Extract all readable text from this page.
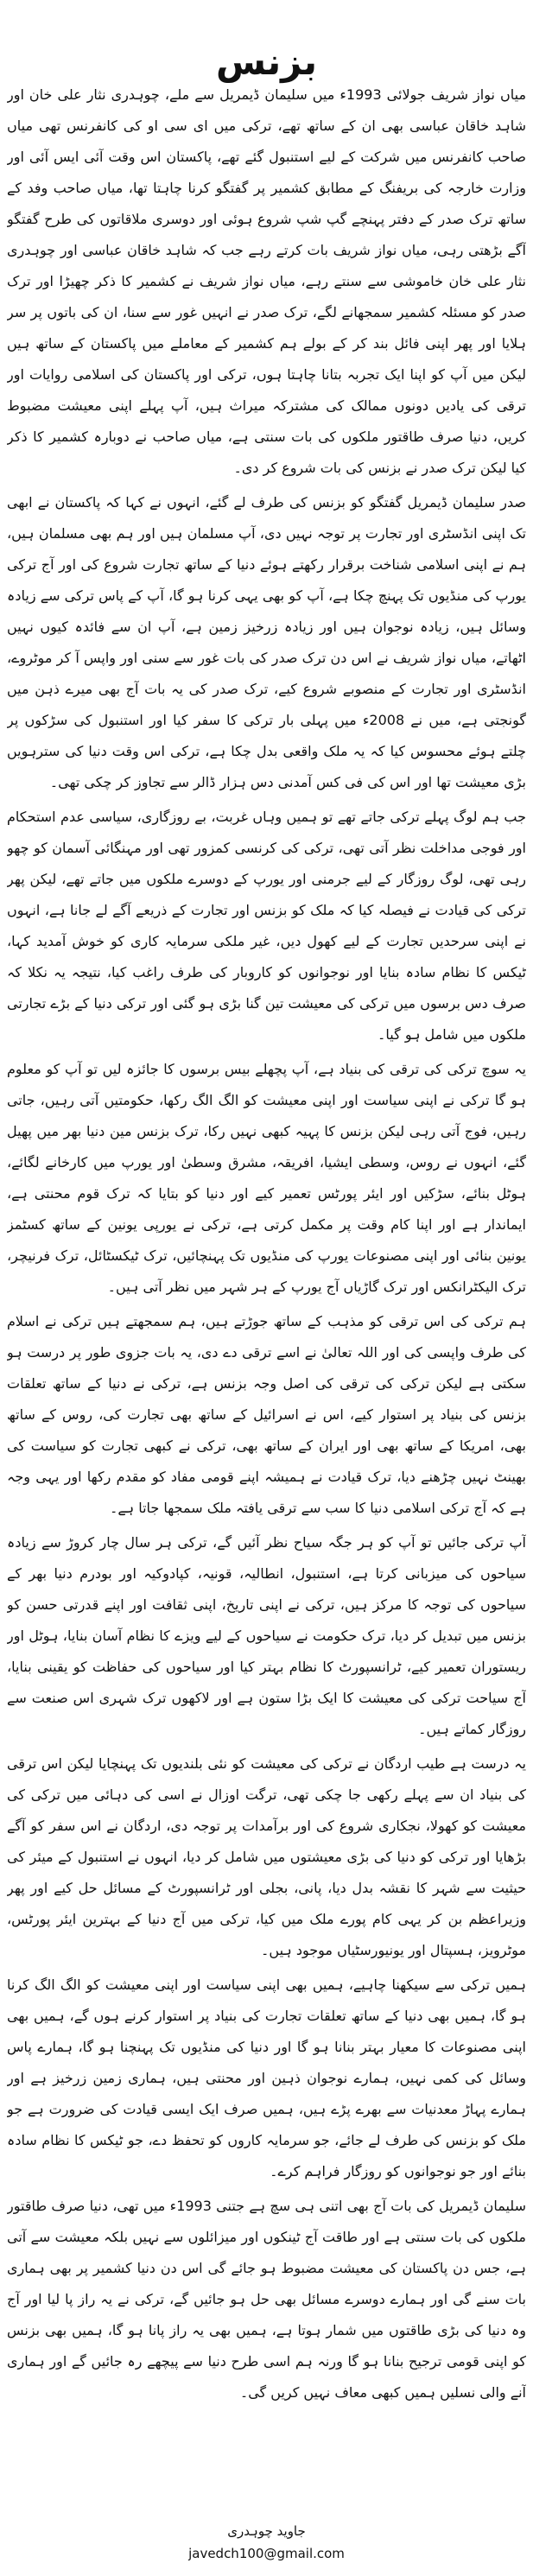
بزنس

میاں نواز شریف جولائی 1993ء میں سلیمان ڈیمریل سے ملے، چوہدری نثار علی خان اور شاہد خاقان عباسی بھی ان کے ساتھ تھے، ترکی میں ای سی او کی کانفرنس تھی میاں صاحب کانفرنس میں شرکت کے لیے استنبول گئے تھے، پاکستان اس وقت آئی ایس آئی اور وزارت خارجہ کی بریفنگ کے مطابق کشمیر پر گفتگو کرنا چاہتا تھا، میاں صاحب وفد کے ساتھ ترک صدر کے دفتر پہنچے گپ شپ شروع ہوئی اور دوسری ملاقاتوں کی طرح گفتگو آگے بڑھتی رہی، میاں نواز شریف بات کرتے رہے جب کہ شاہد خاقان عباسی اور چوہدری نثار علی خان خاموشی سے سنتے رہے، میاں نواز شریف نے کشمیر کا ذکر چھیڑا اور ترک صدر کو مسئلہ کشمیر سمجھانے لگے، ترک صدر نے انہیں غور سے سنا، ان کی باتوں پر سر ہلایا اور پھر اپنی فائل بند کر کے بولے ہم کشمیر کے معاملے میں پاکستان کے ساتھ ہیں لیکن میں آپ کو اپنا ایک تجربہ بتانا چاہتا ہوں، ترکی اور پاکستان کی اسلامی روایات اور ترقی کی یادیں دونوں ممالک کی مشترکہ میراث ہیں، آپ پہلے اپنی معیشت مضبوط کریں، دنیا صرف طاقتور ملکوں کی بات سنتی ہے، میاں صاحب نے دوبارہ کشمیر کا ذکر کیا لیکن ترک صدر نے بزنس کی بات شروع کر دی۔

صدر سلیمان ڈیمریل گفتگو کو بزنس کی طرف لے گئے، انہوں نے کہا کہ پاکستان نے ابھی تک اپنی انڈسٹری اور تجارت پر توجہ نہیں دی، آپ مسلمان ہیں اور ہم بھی مسلمان ہیں، ہم نے اپنی اسلامی شناخت برقرار رکھتے ہوئے دنیا کے ساتھ تجارت شروع کی اور آج ترکی یورپ کی منڈیوں تک پہنچ چکا ہے، آپ کو بھی یہی کرنا ہو گا، آپ کے پاس ترکی سے زیادہ وسائل ہیں، زیادہ نوجوان ہیں اور زیادہ زرخیز زمین ہے، آپ ان سے فائدہ کیوں نہیں اٹھاتے، میاں نواز شریف نے اس دن ترک صدر کی بات غور سے سنی اور واپس آ کر موٹروے، انڈسٹری اور تجارت کے منصوبے شروع کیے، ترک صدر کی یہ بات آج بھی میرے ذہن میں گونجتی ہے، میں نے 2008ء میں پہلی بار ترکی کا سفر کیا اور استنبول کی سڑکوں پر چلتے ہوئے محسوس کیا کہ یہ ملک واقعی بدل چکا ہے، ترکی اس وقت دنیا کی سترہویں بڑی معیشت تھا اور اس کی فی کس آمدنی دس ہزار ڈالر سے تجاوز کر چکی تھی۔

جب ہم لوگ پہلے ترکی جاتے تھے تو ہمیں وہاں غربت، بے روزگاری، سیاسی عدم استحکام اور فوجی مداخلت نظر آتی تھی، ترکی کی کرنسی کمزور تھی اور مہنگائی آسمان کو چھو رہی تھی، لوگ روزگار کے لیے جرمنی اور یورپ کے دوسرے ملکوں میں جاتے تھے، لیکن پھر ترکی کی قیادت نے فیصلہ کیا کہ ملک کو بزنس اور تجارت کے ذریعے آگے لے جانا ہے، انہوں نے اپنی سرحدیں تجارت کے لیے کھول دیں، غیر ملکی سرمایہ کاری کو خوش آمدید کہا، ٹیکس کا نظام سادہ بنایا اور نوجوانوں کو کاروبار کی طرف راغب کیا، نتیجہ یہ نکلا کہ صرف دس برسوں میں ترکی کی معیشت تین گنا بڑی ہو گئی اور ترکی دنیا کے بڑے تجارتی ملکوں میں شامل ہو گیا۔

یہ سوچ ترکی کی ترقی کی بنیاد ہے، آپ پچھلے بیس برسوں کا جائزہ لیں تو آپ کو معلوم ہو گا ترکی نے اپنی سیاست اور اپنی معیشت کو الگ الگ رکھا، حکومتیں آتی رہیں، جاتی رہیں، فوج آتی رہی لیکن بزنس کا پہیہ کبھی نہیں رکا، ترک بزنس مین دنیا بھر میں پھیل گئے، انہوں نے روس، وسطی ایشیا، افریقہ، مشرق وسطیٰ اور یورپ میں کارخانے لگائے، ہوٹل بنائے، سڑکیں اور ایئر پورٹس تعمیر کیے اور دنیا کو بتایا کہ ترک قوم محنتی ہے، ایماندار ہے اور اپنا کام وقت پر مکمل کرتی ہے، ترکی نے یورپی یونین کے ساتھ کسٹمز یونین بنائی اور اپنی مصنوعات یورپ کی منڈیوں تک پہنچائیں، ترک ٹیکسٹائل، ترک فرنیچر، ترک الیکٹرانکس اور ترک گاڑیاں آج یورپ کے ہر شہر میں نظر آتی ہیں۔

ہم ترکی کی اس ترقی کو مذہب کے ساتھ جوڑتے ہیں، ہم سمجھتے ہیں ترکی نے اسلام کی طرف واپسی کی اور اللہ تعالیٰ نے اسے ترقی دے دی، یہ بات جزوی طور پر درست ہو سکتی ہے لیکن ترکی کی ترقی کی اصل وجہ بزنس ہے، ترکی نے دنیا کے ساتھ تعلقات بزنس کی بنیاد پر استوار کیے، اس نے اسرائیل کے ساتھ بھی تجارت کی، روس کے ساتھ بھی، امریکا کے ساتھ بھی اور ایران کے ساتھ بھی، ترکی نے کبھی تجارت کو سیاست کی بھینٹ نہیں چڑھنے دیا، ترک قیادت نے ہمیشہ اپنے قومی مفاد کو مقدم رکھا اور یہی وجہ ہے کہ آج ترکی اسلامی دنیا کا سب سے ترقی یافتہ ملک سمجھا جاتا ہے۔

آپ ترکی جائیں تو آپ کو ہر جگہ سیاح نظر آئیں گے، ترکی ہر سال چار کروڑ سے زیادہ سیاحوں کی میزبانی کرتا ہے، استنبول، انطالیہ، قونیہ، کپادوکیہ اور بودرم دنیا بھر کے سیاحوں کی توجہ کا مرکز ہیں، ترکی نے اپنی تاریخ، اپنی ثقافت اور اپنے قدرتی حسن کو بزنس میں تبدیل کر دیا، ترک حکومت نے سیاحوں کے لیے ویزے کا نظام آسان بنایا، ہوٹل اور ریستوران تعمیر کیے، ٹرانسپورٹ کا نظام بہتر کیا اور سیاحوں کی حفاظت کو یقینی بنایا، آج سیاحت ترکی کی معیشت کا ایک بڑا ستون ہے اور لاکھوں ترک شہری اس صنعت سے روزگار کماتے ہیں۔

یہ درست ہے طیب اردگان نے ترکی کی معیشت کو نئی بلندیوں تک پہنچایا لیکن اس ترقی کی بنیاد ان سے پہلے رکھی جا چکی تھی، ترگت اوزال نے اسی کی دہائی میں ترکی کی معیشت کو کھولا، نجکاری شروع کی اور برآمدات پر توجہ دی، اردگان نے اس سفر کو آگے بڑھایا اور ترکی کو دنیا کی بڑی معیشتوں میں شامل کر دیا، انہوں نے استنبول کے میئر کی حیثیت سے شہر کا نقشہ بدل دیا، پانی، بجلی اور ٹرانسپورٹ کے مسائل حل کیے اور پھر وزیراعظم بن کر یہی کام پورے ملک میں کیا، ترکی میں آج دنیا کے بہترین ایئر پورٹس، موٹرویز، ہسپتال اور یونیورسٹیاں موجود ہیں۔

ہمیں ترکی سے سیکھنا چاہیے، ہمیں بھی اپنی سیاست اور اپنی معیشت کو الگ الگ کرنا ہو گا، ہمیں بھی دنیا کے ساتھ تعلقات تجارت کی بنیاد پر استوار کرنے ہوں گے، ہمیں بھی اپنی مصنوعات کا معیار بہتر بنانا ہو گا اور دنیا کی منڈیوں تک پہنچنا ہو گا، ہمارے پاس وسائل کی کمی نہیں، ہمارے نوجوان ذہین اور محنتی ہیں، ہماری زمین زرخیز ہے اور ہمارے پہاڑ معدنیات سے بھرے پڑے ہیں، ہمیں صرف ایک ایسی قیادت کی ضرورت ہے جو ملک کو بزنس کی طرف لے جائے، جو سرمایہ کاروں کو تحفظ دے، جو ٹیکس کا نظام سادہ بنائے اور جو نوجوانوں کو روزگار فراہم کرے۔

سلیمان ڈیمریل کی بات آج بھی اتنی ہی سچ ہے جتنی 1993ء میں تھی، دنیا صرف طاقتور ملکوں کی بات سنتی ہے اور طاقت آج ٹینکوں اور میزائلوں سے نہیں بلکہ معیشت سے آتی ہے، جس دن پاکستان کی معیشت مضبوط ہو جائے گی اس دن دنیا کشمیر پر بھی ہماری بات سنے گی اور ہمارے دوسرے مسائل بھی حل ہو جائیں گے، ترکی نے یہ راز پا لیا اور آج وہ دنیا کی بڑی طاقتوں میں شمار ہوتا ہے، ہمیں بھی یہ راز پانا ہو گا، ہمیں بھی بزنس کو اپنی قومی ترجیح بنانا ہو گا ورنہ ہم اسی طرح دنیا سے پیچھے رہ جائیں گے اور ہماری آنے والی نسلیں ہمیں کبھی معاف نہیں کریں گی۔

جاوید چوہدری
javedch100@gmail.com
